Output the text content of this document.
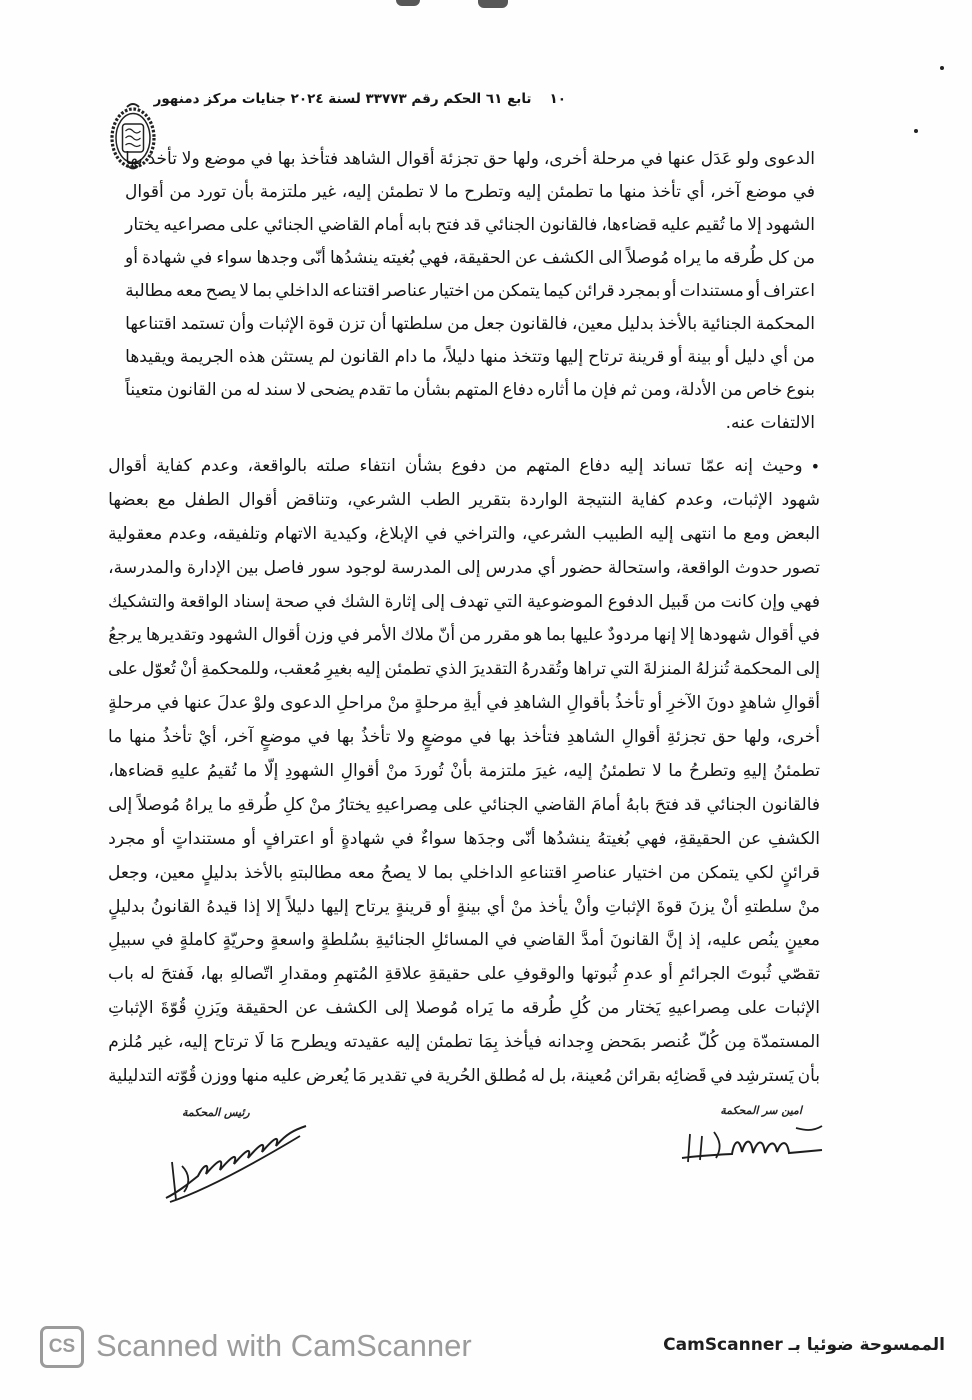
١٠
تابع ٦١ الحكم رقم ٣٣٧٧٣ لسنة ٢٠٢٤ جنايات مركز دمنهور
الدعوى
ولو
عَدَل
عنها
في
مرحلة
أخرى،
ولها
حق
تجزئة
أقوال
الشاهد
فتأخذ
بها
في
موضع
ولا
تأخذ
بها
في
موضع
آخر،
أي
تأخذ
منها
ما
تطمئن
إليه
وتطرح
ما
لا
تطمئن
إليه،
غير
ملتزمة
بأن
تورد
من
أقوال
الشهود
إلا
ما
تُقيم
عليه
قضاءها،
فالقانون
الجنائي
قد
فتح
بابه
أمام
القاضي
الجنائي
على
مصراعيه
يختار
من
كل
طُرقه
ما
يراه
مُوصلاً
الى
الكشف
عن
الحقيقة،
فهي
بُغيته
ينشدُها
أنّى
وجدها
سواء
في
شهادة
أو
اعتراف
أو
مستندات
أو
بمجرد
قرائن
كيما
يتمكن
من
اختيار
عناصر
اقتناعه
الداخلي
بما
لا
يصح
معه
مطالبة
المحكمة
الجنائية
بالأخذ
بدليل
معين،
فالقانون
جعل
من
سلطتها
أن
تزن
قوة
الإثبات
وأن
تستمد
اقتناعها
من
أي
دليل
أو
بينة
أو
قرينة
ترتاح
إليها
وتتخذ
منها
دليلاً،
ما
دام
القانون
لم
يستثن
هذه
الجريمة
ويقيدها
بنوع
خاص
من
الأدلة،
ومن
ثم
فإن
ما
أثاره
دفاع
المتهم
بشأن
ما
تقدم
يضحى
لا
سند
له
من
القانون
متعيناً
الالتفات
عنه.
•
وحيث
إنه
عمّا
تساند
إليه
دفاع
المتهم
من
دفوع
بشأن
انتفاء
صلته
بالواقعة،
وعدم
كفاية
أقوال
شهود
الإثبات،
وعدم
كفاية
النتيجة
الواردة
بتقرير
الطب
الشرعي،
وتناقض
أقوال
الطفل
مع
بعضها
البعض
ومع
ما
انتهى
إليه
الطبيب
الشرعي،
والتراخي
في
الإبلاغ،
وكيدية
الاتهام
وتلفيقه،
وعدم
معقولية
تصور
حدوث
الواقعة،
واستحالة
حضور
أي
مدرس
إلى
المدرسة
لوجود
سور
فاصل
بين
الإدارة
والمدرسة،
فهي
وإن
كانت
من
قَبيل
الدفوع
الموضوعية
التي
تهدف
إلى
إثارة
الشك
في
صحة
إسناد
الواقعة
والتشكيك
في
أقوال
شهودها
إلا
إنها
مردودٌ
عليها
بما
هو
مقرر
من
أنّ
ملاك
الأمر
في
وزن
أقوال
الشهود
وتقديرها
يرجعُ
إلى
المحكمة
تُنزلهُ
المنزلةَ
التي
تراها
وتُقدرهُ
التقديرَ
الذي
تطمئن
إليه
بغيرِ
مُعقب،
وللمحكمةِ
أنْ
تُعوّل
على
أقوالِ
شاهدٍ
دونَ
الآخرِ
أو
تأخذُ
بأقوالِ
الشاهدِ
في
أيةِ
مرحلةٍ
منْ
مراحلِ
الدعوى
ولوْ
عدلَ
عنها
في
مرحلةٍ
أخرى،
ولها
حق
تجزئةِ
أقوالِ
الشاهدِ
فتأخذ
بها
في
موضعٍ
ولا
تأخذُ
بها
في
موضعٍ
آخر،
أيْ
تأخذُ
منها
ما
تطمئنُ
إليهِ
وتطرحُ
ما
لا
تطمئنُ
إليه،
غيرَ
ملتزمة
بأنْ
تُوردَ
منْ
أقوالِ
الشهودِ
إلّا
ما
تُقيمُ
عليهِ
قضاءها،
فالقانون
الجنائي
قد
فتحَ
بابهُ
أمامَ
القاضي
الجنائي
على
مِصراعيهِ
يختارُ
منْ
كلِ
طُرقهِ
ما
يراهُ
مُوصلاً
إلى
الكشفِ
عن
الحقيقةِ،
فهي
بُغيتهُ
ينشدُها
أنّى
وجدَها
سواءٌ
في
شهادةٍ
أو
اعترافٍ
أو
مستنداتٍ
أو
مجرد
قرائنٍ
لكي
يتمكن
من
اختيار
عناصرِ
اقتناعهِ
الداخلي
بما
لا
يصحُ
معه
مطالبتهِ
بالأخذ
بدليلٍ
معين،
وجعل
منْ
سلطتهِ
أنْ
يزنَ
قوةَ
الإثباتِ
وأنْ
يأخذ
منْ
أي
بينةٍ
أو
قرينةٍ
يرتاح
إليها
دليلاً
إلا
إذا
قيدهُ
القانونُ
بدليلٍ
معينٍ
ينُص
عليه،
إذ
إنَّ
القانونَ
أمدَّ
القاضي
في
المسائلِ
الجنائيةِ
بسُلطةٍ
واسعةٍ
وحريّةٍ
كاملةٍ
في
سبيلِ
تقصّي
ثُبوتَ
الجرائمِ
أو
عدمِ
ثُبوتها
والوقوفِ
على
حقيقةِ
علاقةِ
المُتهمِ
ومقدارِ
اتّصالهِ
بها،
فَفتحَ
له
باب
الإثبات
على
مِصراعيهِ
يَختار
من
كُلِ
طُرقه
ما
يَراه
مُوصلا
إلى
الكشف
عن
الحقيقة
ويَزنِ
قُوّةَ
الإثباتِ
المستمدّة
مِن
كُلّ
عُنصر
بمَحض
وِجدانه
فيأخذ
بِمَا
تطمئن
إليه
عقيدته
ويطرح
مَا
لَا
ترتاح
إليه،
غير
مُلزم
بأن
يَسترشِد
في
قَضائِه
بقرائن
مُعينة،
بل
له
مُطلق
الحُرية
في
تقدير
مَا
يُعرض
عليه
منها
ووزن
قُوّته
التدليلية
امين سر المحكمة
رئيس المحكمة
CS Scanned with CamScanner	الممسوحة ضوئيا بـ CamScanner
